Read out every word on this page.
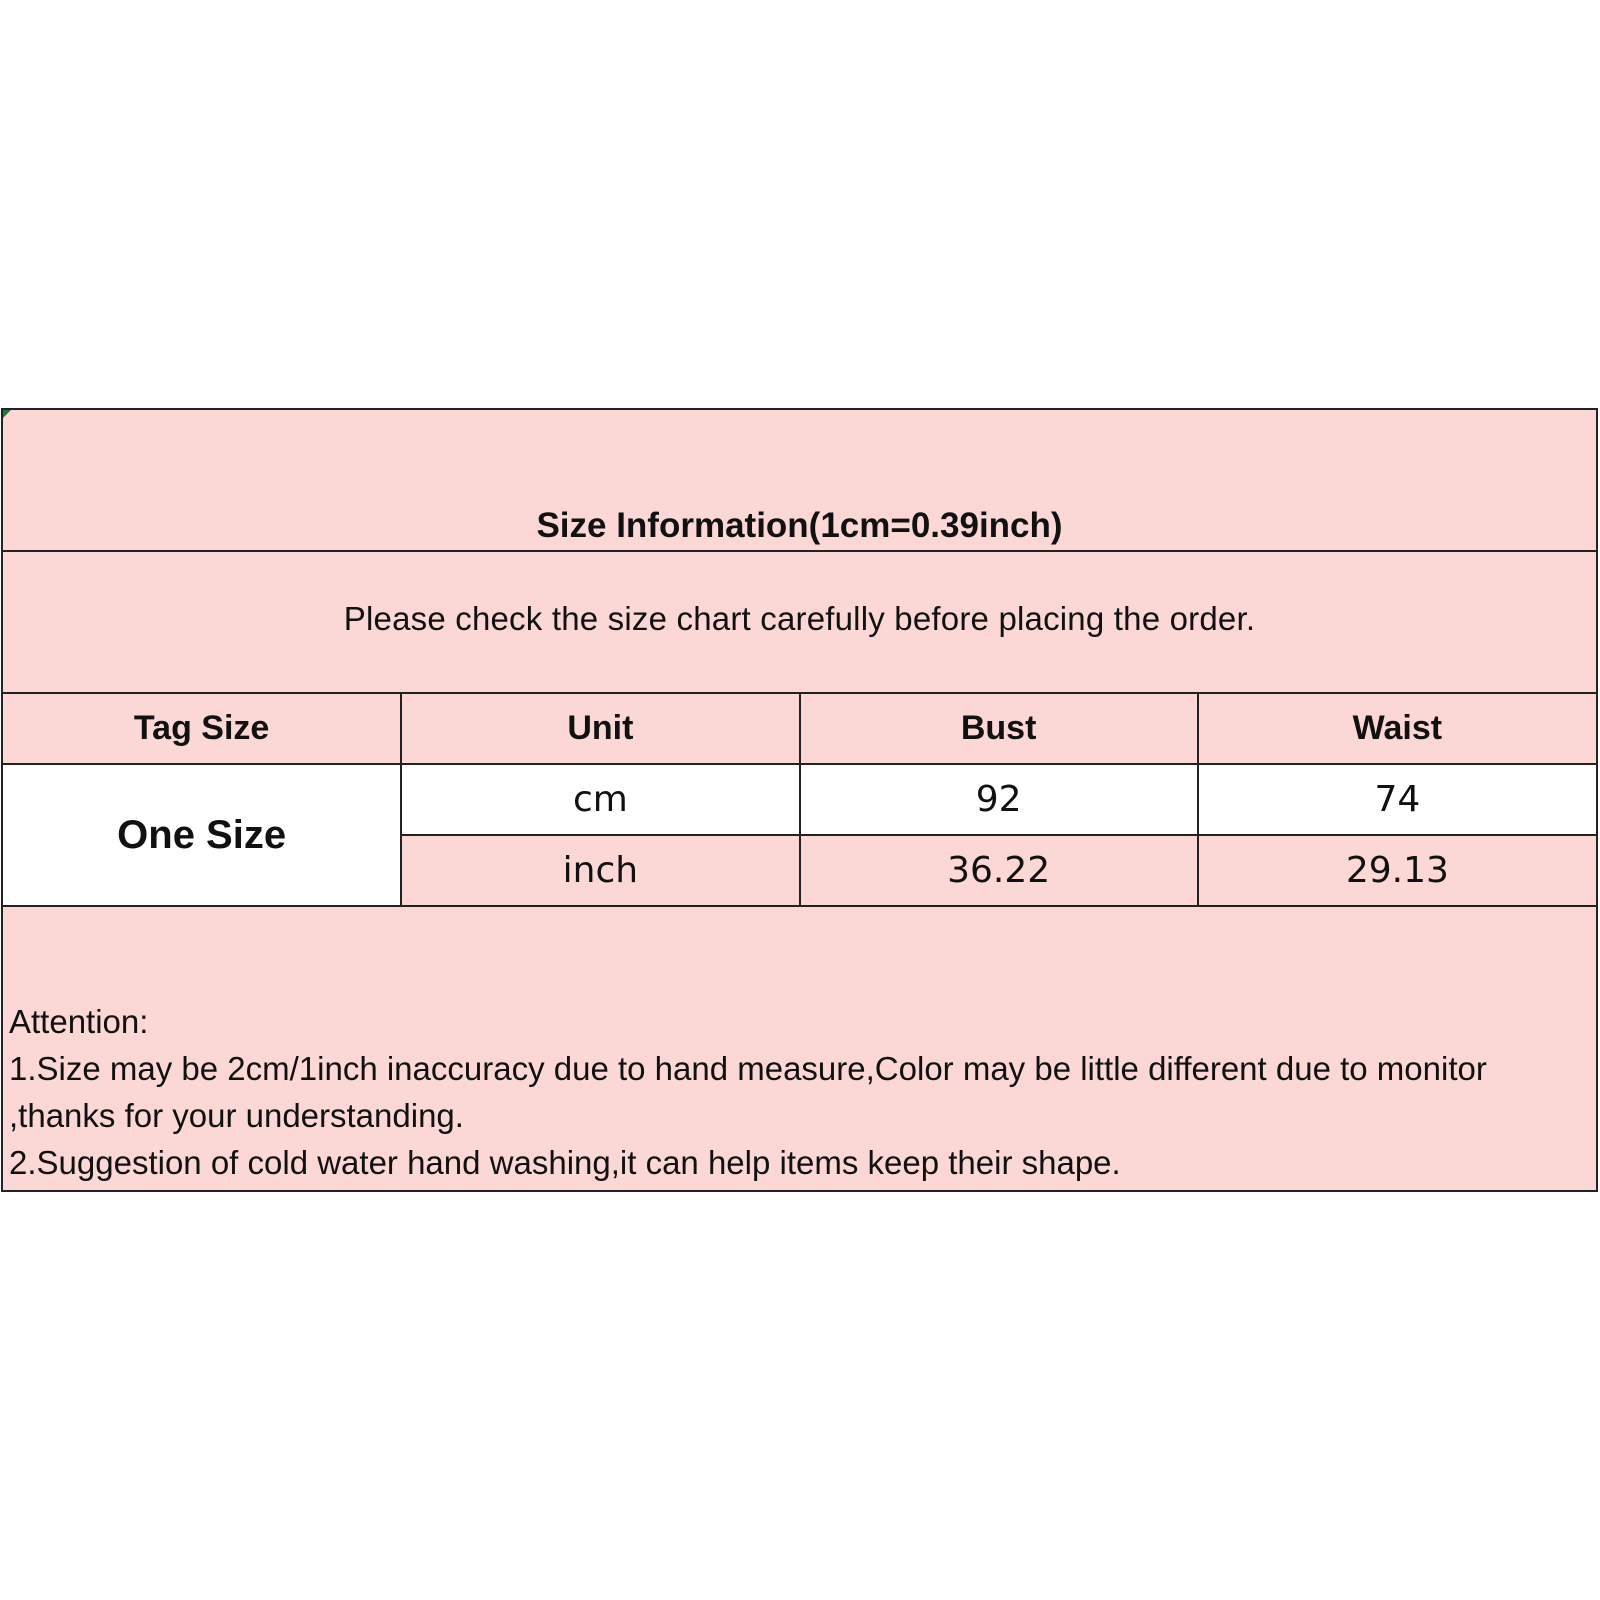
Size Information(1cm=0.39inch)
Please check the size chart carefully before placing the order.
Tag Size	Unit	Bust	Waist
One Size	cm	92	74
	inch	36.22	29.13
Attention:
1.Size may be 2cm/1inch inaccuracy due to hand measure,Color may be little different due to monitor ,thanks for your understanding.
2.Suggestion of cold water hand washing,it can help items keep their shape.
